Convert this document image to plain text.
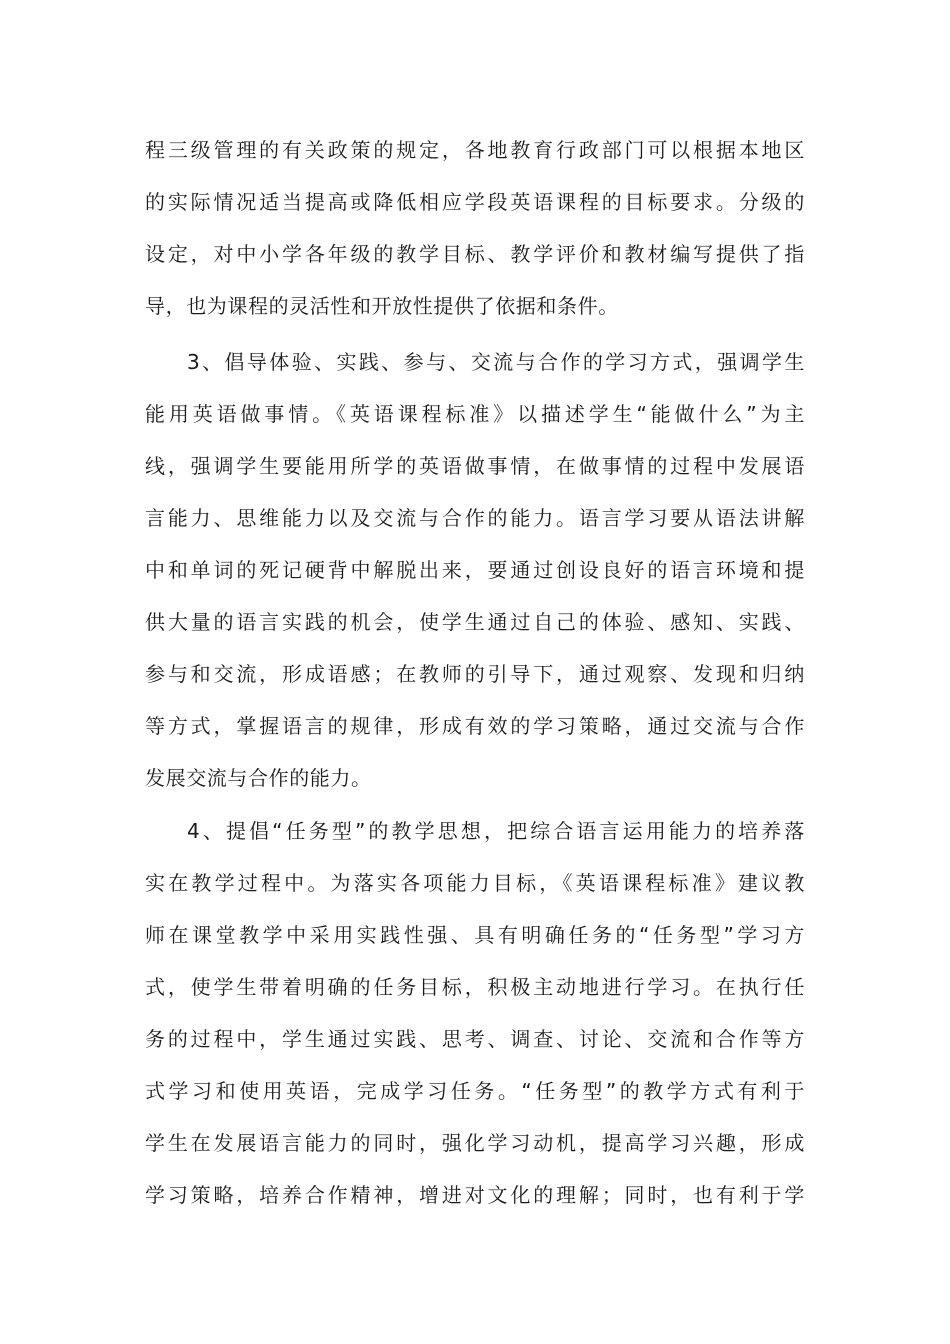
程三级管理的有关政策的规定，各地教育行政部门可以根据本地区
的实际情况适当提高或降低相应学段英语课程的目标要求。分级的
设定，对中小学各年级的教学目标、教学评价和教材编写提供了指
导，也为课程的灵活性和开放性提供了依据和条件。
3、倡导体验、实践、参与、交流与合作的学习方式，强调学生
能用英语做事情。《英语课程标准》以描述学生“能做什么”为主
线，强调学生要能用所学的英语做事情，在做事情的过程中发展语
言能力、思维能力以及交流与合作的能力。语言学习要从语法讲解
中和单词的死记硬背中解脱出来，要通过创设良好的语言环境和提
供大量的语言实践的机会，使学生通过自己的体验、感知、实践、
参与和交流，形成语感；在教师的引导下，通过观察、发现和归纳
等方式，掌握语言的规律，形成有效的学习策略，通过交流与合作
发展交流与合作的能力。
4、提倡“任务型”的教学思想，把综合语言运用能力的培养落
实在教学过程中。为落实各项能力目标，《英语课程标准》建议教
师在课堂教学中采用实践性强、具有明确任务的“任务型”学习方
式，使学生带着明确的任务目标，积极主动地进行学习。在执行任
务的过程中，学生通过实践、思考、调查、讨论、交流和合作等方
式学习和使用英语，完成学习任务。“任务型”的教学方式有利于
学生在发展语言能力的同时，强化学习动机，提高学习兴趣，形成
学习策略，培养合作精神，增进对文化的理解；同时，也有利于学
